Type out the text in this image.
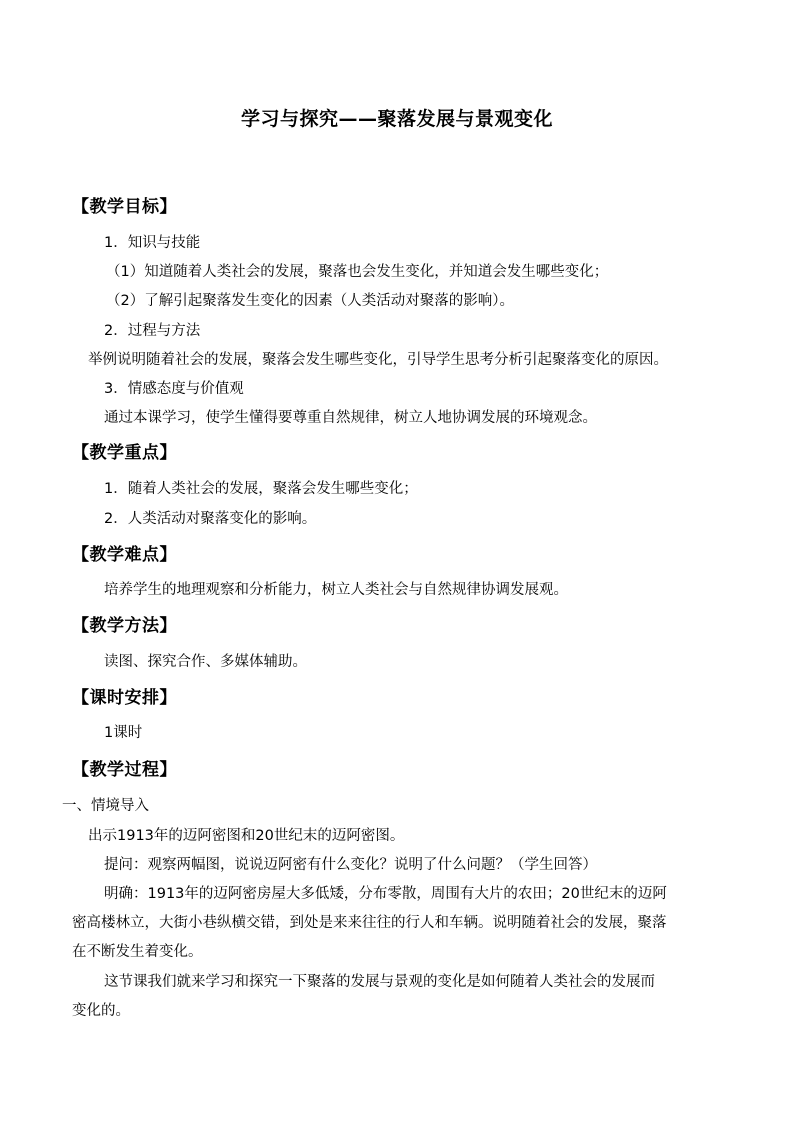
学习与探究——聚落发展与景观变化
【教学目标】
1．知识与技能
（1）知道随着人类社会的发展，聚落也会发生变化，并知道会发生哪些变化；
（2）了解引起聚落发生变化的因素（人类活动对聚落的影响）。
2．过程与方法
举例说明随着社会的发展，聚落会发生哪些变化，引导学生思考分析引起聚落变化的原因。
3．情感态度与价值观
通过本课学习，使学生懂得要尊重自然规律，树立人地协调发展的环境观念。
【教学重点】
1．随着人类社会的发展，聚落会发生哪些变化；
2．人类活动对聚落变化的影响。
【教学难点】
培养学生的地理观察和分析能力，树立人类社会与自然规律协调发展观。
【教学方法】
读图、探究合作、多媒体辅助。
【课时安排】
1课时
【教学过程】
一、情境导入
出示1913年的迈阿密图和20世纪末的迈阿密图。
提问：观察两幅图，说说迈阿密有什么变化？说明了什么问题？（学生回答）
明确：1913年的迈阿密房屋大多低矮，分布零散，周围有大片的农田；20世纪末的迈阿
密高楼林立，大街小巷纵横交错，到处是来来往往的行人和车辆。说明随着社会的发展，聚落
在不断发生着变化。
这节课我们就来学习和探究一下聚落的发展与景观的变化是如何随着人类社会的发展而
变化的。
